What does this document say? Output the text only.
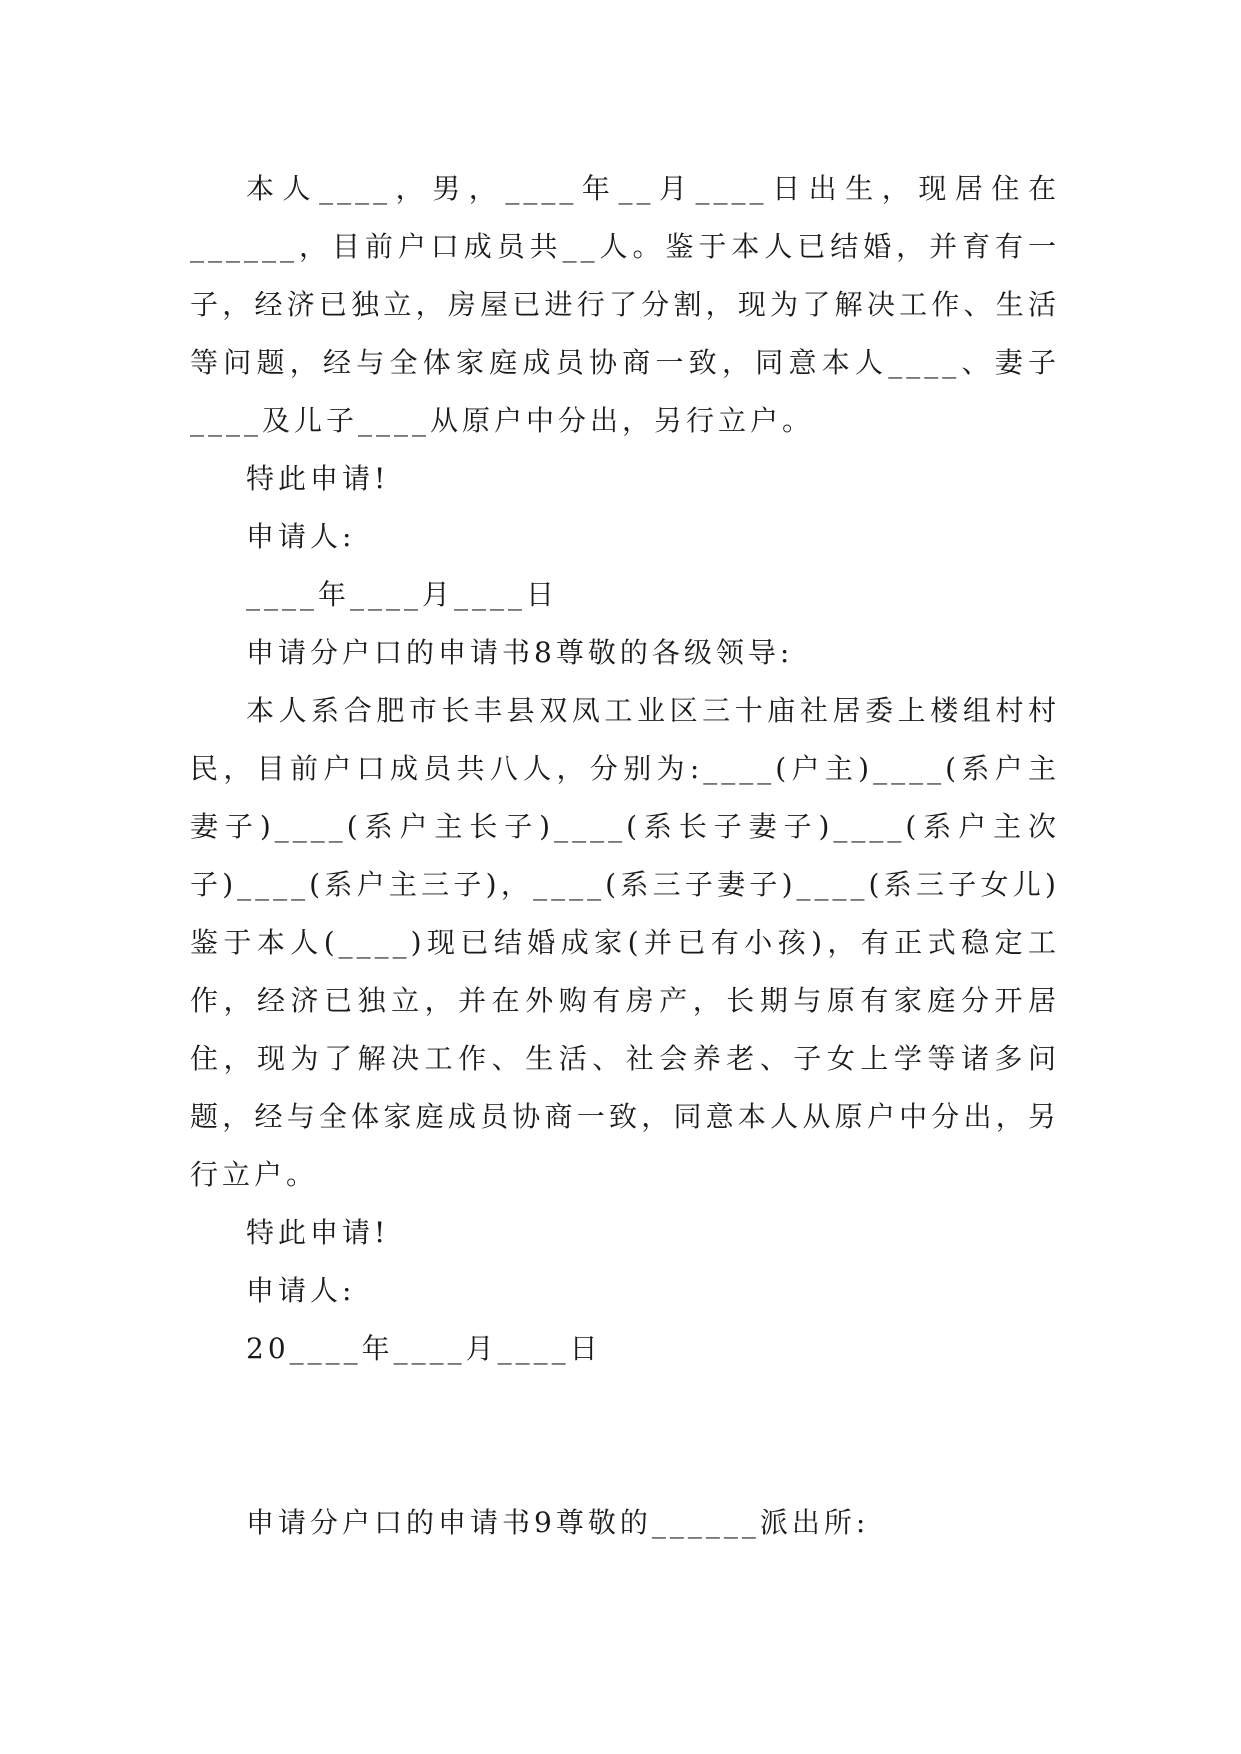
本人____，男，____年__月____日出生，现居住在______，目前户口成员共__人。鉴于本人已结婚，并育有一子，经济已独立，房屋已进行了分割，现为了解决工作、生活等问题，经与全体家庭成员协商一致，同意本人____、妻子____及儿子____从原户中分出，另行立户。

特此申请!

申请人:

____年____月____日

申请分户口的申请书8尊敬的各级领导:

本人系合肥市长丰县双凤工业区三十庙社居委上楼组村村民，目前户口成员共八人，分别为:____(户主)____(系户主妻子)____(系户主长子)____(系长子妻子)____(系户主次子)____(系户主三子)，____(系三子妻子)____(系三子女儿)鉴于本人(____)现已结婚成家(并已有小孩)，有正式稳定工作，经济已独立，并在外购有房产，长期与原有家庭分开居住，现为了解决工作、生活、社会养老、子女上学等诸多问题，经与全体家庭成员协商一致，同意本人从原户中分出，另行立户。

特此申请!

申请人:

20____年____月____日

申请分户口的申请书9尊敬的______派出所:
